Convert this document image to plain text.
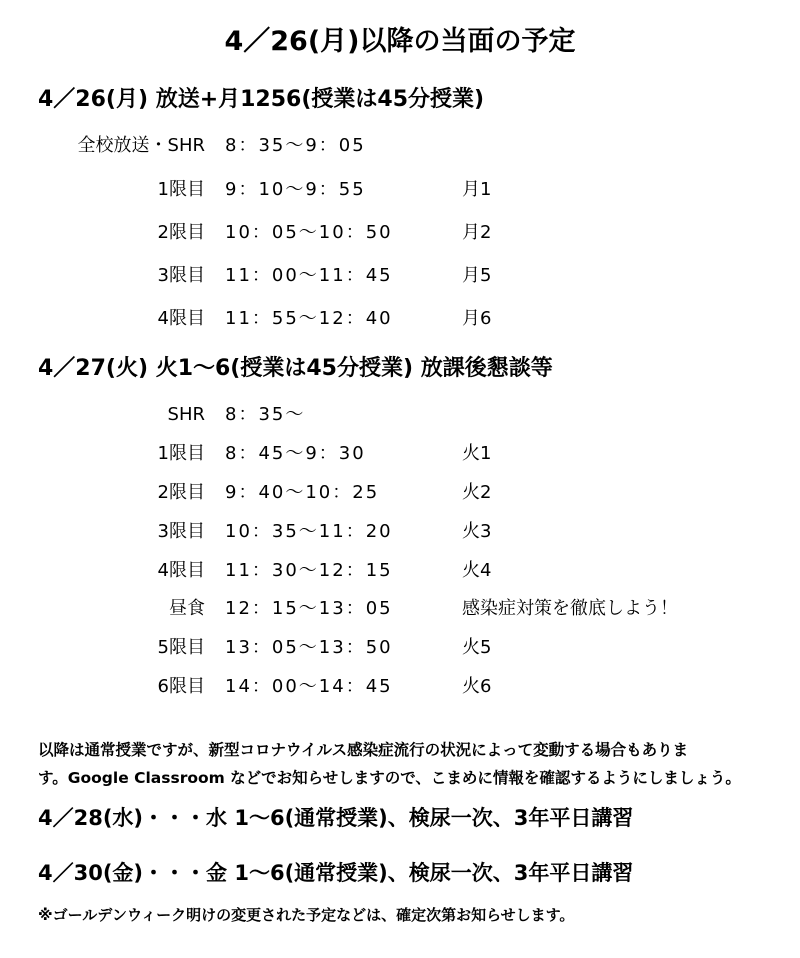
4／26(月)以降の当面の予定
4／26(月) 放送+月1256(授業は45分授業)
全校放送・SHR 8：35〜9：05
1限目 9：10〜9：55	月1
2限目 10：05〜10：50	月2
3限目 11：00〜11：45	月5
4限目 11：55〜12：40	月6
4／27(火) 火1〜6(授業は45分授業) 放課後懇談等
SHR 8：35〜
1限目 8：45〜9：30	火1
2限目 9：40〜10：25	火2
3限目 10：35〜11：20	火3
4限目 11：30〜12：15	火4
昼食 12：15〜13：05	感染症対策を徹底しよう！
5限目 13：05〜13：50	火5
6限目 14：00〜14：45	火6

以降は通常授業ですが、新型コロナウイルス感染症流行の状況によって変動する場合もありま

す。Google Classroom などでお知らせしますので、こまめに情報を確認するようにしましょう。

4／28(水)・・・水 1〜6(通常授業)、検尿一次、3年平日講習
4／30(金)・・・金 1〜6(通常授業)、検尿一次、3年平日講習
※ゴールデンウィーク明けの変更された予定などは、確定次第お知らせします。
